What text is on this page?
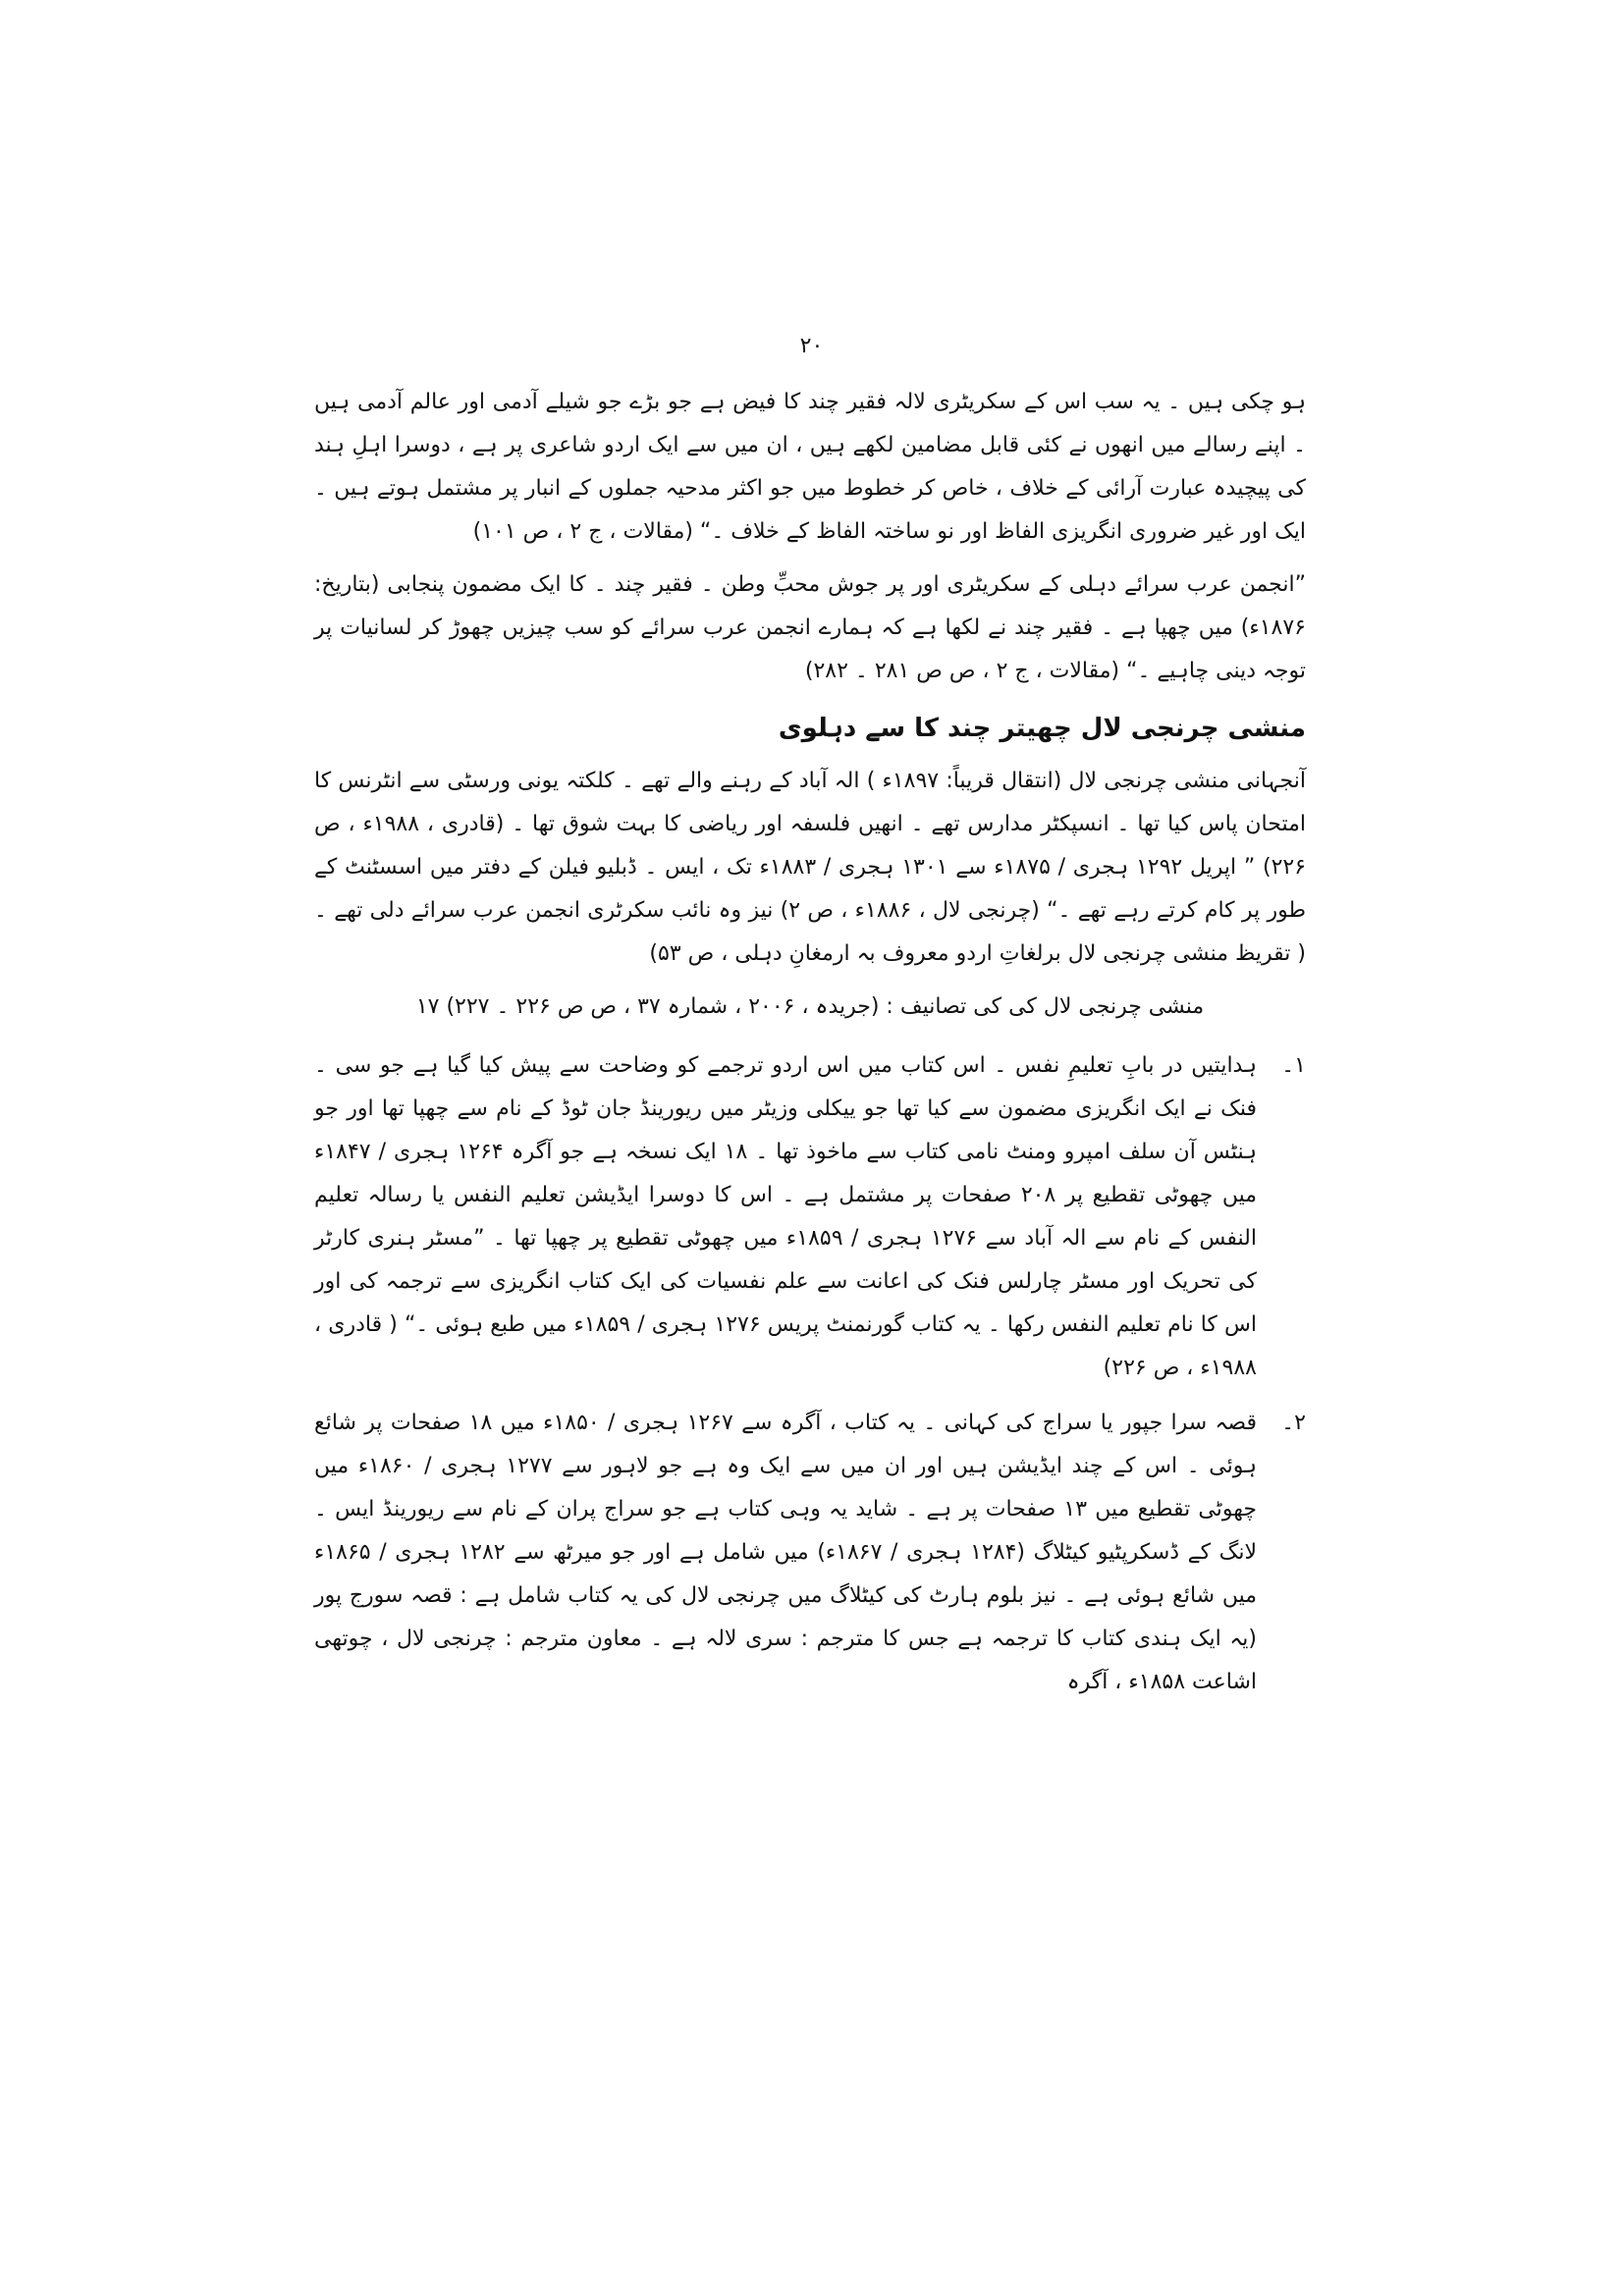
۲۰

ہو چکی ہیں ۔ یہ سب اس کے سکریٹری لالہ فقیر چند کا فیض ہے جو بڑے جو شیلے آدمی اور عالم آدمی ہیں ۔ اپنے رسالے میں انھوں نے کئی قابل مضامین لکھے ہیں ، ان میں سے ایک اردو شاعری پر ہے ، دوسرا اہلِ ہند کی پیچیدہ عبارت آرائی کے خلاف ، خاص کر خطوط میں جو اکثر مدحیہ جملوں کے انبار پر مشتمل ہوتے ہیں ۔ ایک اور غیر ضروری انگریزی الفاظ اور نو ساختہ الفاظ کے خلاف ۔“ (مقالات ، ج ۲ ، ص ۱۰۱)

”انجمن عرب سرائے دہلی کے سکریٹری اور پر جوش محبِّ وطن ۔ فقیر چند ۔ کا ایک مضمون پنجابی (بتاریخ: ۱۸۷۶ء) میں چھپا ہے ۔ فقیر چند نے لکھا ہے کہ ہمارے انجمن عرب سرائے کو سب چیزیں چھوڑ کر لسانیات پر توجہ دینی چاہیے ۔“ (مقالات ، ج ۲ ، ص ص ۲۸۱ ۔ ۲۸۲)

منشی چرنجی لال چھیتر چند کا سے دہلوی

آنجہانی منشی چرنجی لال (انتقال قریباً: ۱۸۹۷ء ) الہ آباد کے رہنے والے تھے ۔ کلکتہ یونی ورسٹی سے انٹرنس کا امتحان پاس کیا تھا ۔ انسپکٹر مدارس تھے ۔ انھیں فلسفہ اور ریاضی کا بہت شوق تھا ۔ (قادری ، ۱۹۸۸ء ، ص ۲۲۶) ” اپریل ۱۲۹۲ ہجری / ۱۸۷۵ء سے ۱۳۰۱ ہجری / ۱۸۸۳ء تک ، ایس ۔ ڈبلیو فیلن کے دفتر میں اسسٹنٹ کے طور پر کام کرتے رہے تھے ۔“ (چرنجی لال ، ۱۸۸۶ء ، ص ۲) نیز وہ نائب سکرٹری انجمن عرب سرائے دلی تھے ۔ ( تقریظ منشی چرنجی لال برلغاتِ اردو معروف بہ ارمغانِ دہلی ، ص ۵۳)

منشی چرنجی لال کی کی تصانیف : (جریدہ ، ۲۰۰۶ ، شمارہ ۳۷ ، ص ص ۲۲۶ ۔ ۲۲۷) ۱۷
۱۔
ہدایتیں در بابِ تعلیمِ نفس ۔ اس کتاب میں اس اردو ترجمے کو وضاحت سے پیش کیا گیا ہے جو سی ۔ فنک نے ایک انگریزی مضمون سے کیا تھا جو ییکلی وزیٹر میں ریورینڈ جان ٹوڈ کے نام سے چھپا تھا اور جو ہنٹس آن سلف امپرو ومنٹ نامی کتاب سے ماخوذ تھا ۔ ۱۸ ایک نسخہ ہے جو آگرہ ۱۲۶۴ ہجری / ۱۸۴۷ء میں چھوٹی تقطیع پر ۲۰۸ صفحات پر مشتمل ہے ۔ اس کا دوسرا ایڈیشن تعلیم النفس یا رسالہ تعلیم النفس کے نام سے الہ آباد سے ۱۲۷۶ ہجری / ۱۸۵۹ء میں چھوٹی تقطیع پر چھپا تھا ۔ ”مسٹر ہنری کارٹر کی تحریک اور مسٹر چارلس فنک کی اعانت سے علم نفسیات کی ایک کتاب انگریزی سے ترجمہ کی اور اس کا نام تعلیم النفس رکھا ۔ یہ کتاب گورنمنٹ پریس ۱۲۷۶ ہجری / ۱۸۵۹ء میں طبع ہوئی ۔“ ( قادری ، ۱۹۸۸ء ، ص ۲۲۶)
۲۔
قصہ سرا جپور یا سراج کی کہانی ۔ یہ کتاب ، آگرہ سے ۱۲۶۷ ہجری / ۱۸۵۰ء میں ۱۸ صفحات پر شائع ہوئی ۔ اس کے چند ایڈیشن ہیں اور ان میں سے ایک وہ ہے جو لاہور سے ۱۲۷۷ ہجری / ۱۸۶۰ء میں چھوٹی تقطیع میں ۱۳ صفحات پر ہے ۔ شاید یہ وہی کتاب ہے جو سراج پران کے نام سے ریورینڈ ایس ۔ لانگ کے ڈسکرپٹیو کیٹلاگ (۱۲۸۴ ہجری / ۱۸۶۷ء) میں شامل ہے اور جو میرٹھ سے ۱۲۸۲ ہجری / ۱۸۶۵ء میں شائع ہوئی ہے ۔ نیز بلوم ہارٹ کی کیٹلاگ میں چرنجی لال کی یہ کتاب شامل ہے : قصہ سورج پور (یہ ایک ہندی کتاب کا ترجمہ ہے جس کا مترجم : سری لالہ ہے ۔ معاون مترجم : چرنجی لال ، چوتھی اشاعت ۱۸۵۸ء ، آگرہ
